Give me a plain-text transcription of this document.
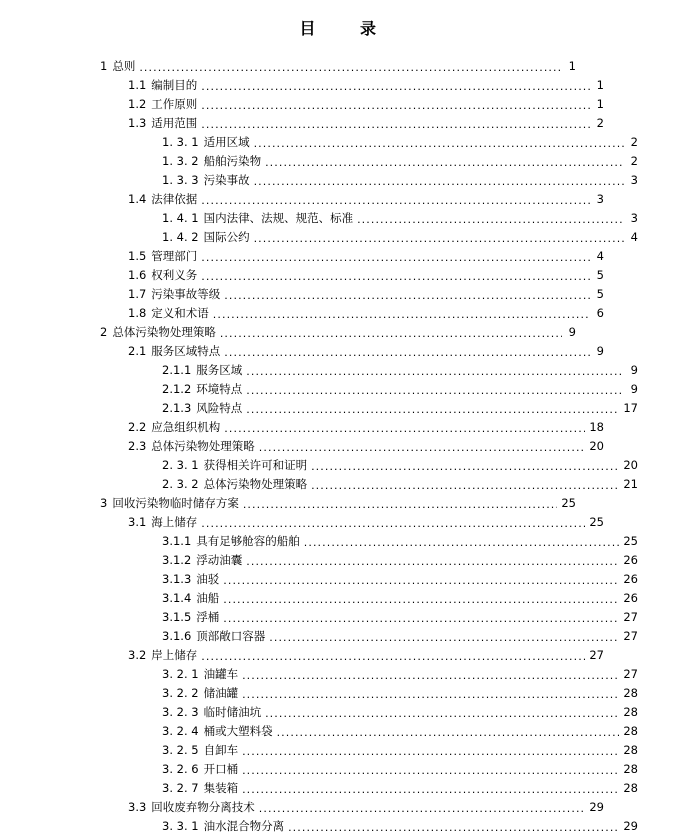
目	录
1 总则 .....	1
1.1 编制目的 .....	1
1.2 工作原则 .....	1
1.3 适用范围 .....	2
1. 3. 1 适用区域 .....	2
1. 3. 2 船舶污染物 .....	2
1. 3. 3 污染事故 .....	3
1.4 法律依据 .....	3
1. 4. 1 国内法律、法规、规范、标准 .....	3
1. 4. 2 国际公约 .....	4
1.5 管理部门 .....	4
1.6 权利义务 .....	5
1.7 污染事故等级 .....	5
1.8 定义和术语 .....	6
2 总体污染物处理策略 .....	9
2.1 服务区域特点 .....	9
2.1.1 服务区域 .....	9
2.1.2 环境特点 .....	9
2.1.3 风险特点 .....	17
2.2 应急组织机构 .....	18
2.3 总体污染物处理策略 .....	20
2. 3. 1 获得相关许可和证明 .....	20
2. 3. 2 总体污染物处理策略 .....	21
3 回收污染物临时储存方案 .....	25
3.1 海上储存 .....	25
3.1.1 具有足够舱容的船舶 .....	25
3.1.2 浮动油囊 .....	26
3.1.3 油驳 .....	26
3.1.4 油船 .....	26
3.1.5 浮桶 .....	27
3.1.6 顶部敞口容器 .....	27
3.2 岸上储存 .....	27
3. 2. 1 油罐车 .....	27
3. 2. 2 储油罐 .....	28
3. 2. 3 临时储油坑 .....	28
3. 2. 4 桶或大塑料袋 .....	28
3. 2. 5 自卸车 .....	28
3. 2. 6 开口桶 .....	28
3. 2. 7 集装箱 .....	28
3.3 回收废弃物分离技术 .....	29
3. 3. 1 油水混合物分离 .....	29
